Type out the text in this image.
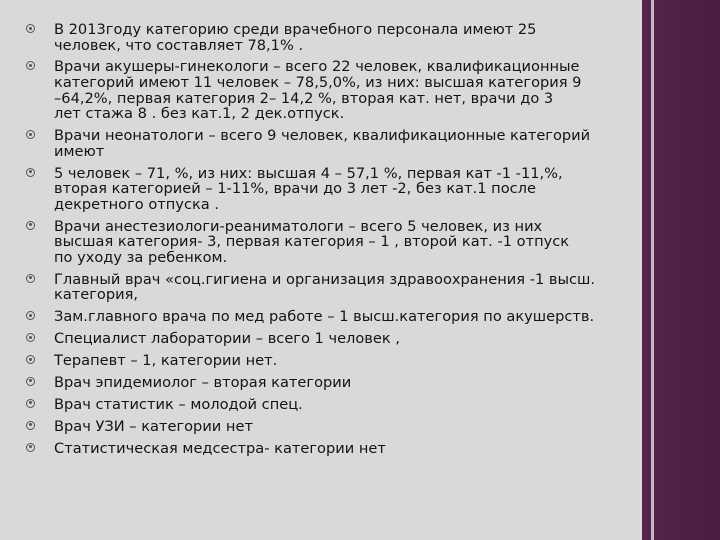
В 2013году категорию среди врачебного персонала имеют 25
человек, что составляет 78,1% .
Врачи акушеры-гинекологи – всего 22 человек, квалификационные
категорий имеют 11 человек – 78,5,0%, из них: высшая категория 9
–64,2%, первая категория 2– 14,2 %, вторая кат. нет, врачи до 3
лет стажа 8 . без кат.1, 2 дек.отпуск.
Врачи неонатологи – всего 9 человек, квалификационные категорий
имеют
5 человек – 71, %, из них: высшая 4 – 57,1 %, первая кат -1 -11,%,
вторая категорией – 1-11%, врачи до 3 лет -2, без кат.1 после
декретного отпуска .
Врачи анестезиологи-реаниматологи – всего 5 человек, из них
высшая категория- 3, первая категория – 1 , второй кат. -1 отпуск
по уходу за ребенком.
Главный врач «соц.гигиена и организация здравоохранения -1 высш.
категория,
Зам.главного врача по мед работе – 1 высш.категория по акушерств.
Специалист лаборатории – всего 1 человек ,
Терапевт – 1, категории нет.
Врач эпидемиолог – вторая категории
Врач статистик – молодой спец.
Врач УЗИ – категории нет
Статистическая медсестра- категории нет
